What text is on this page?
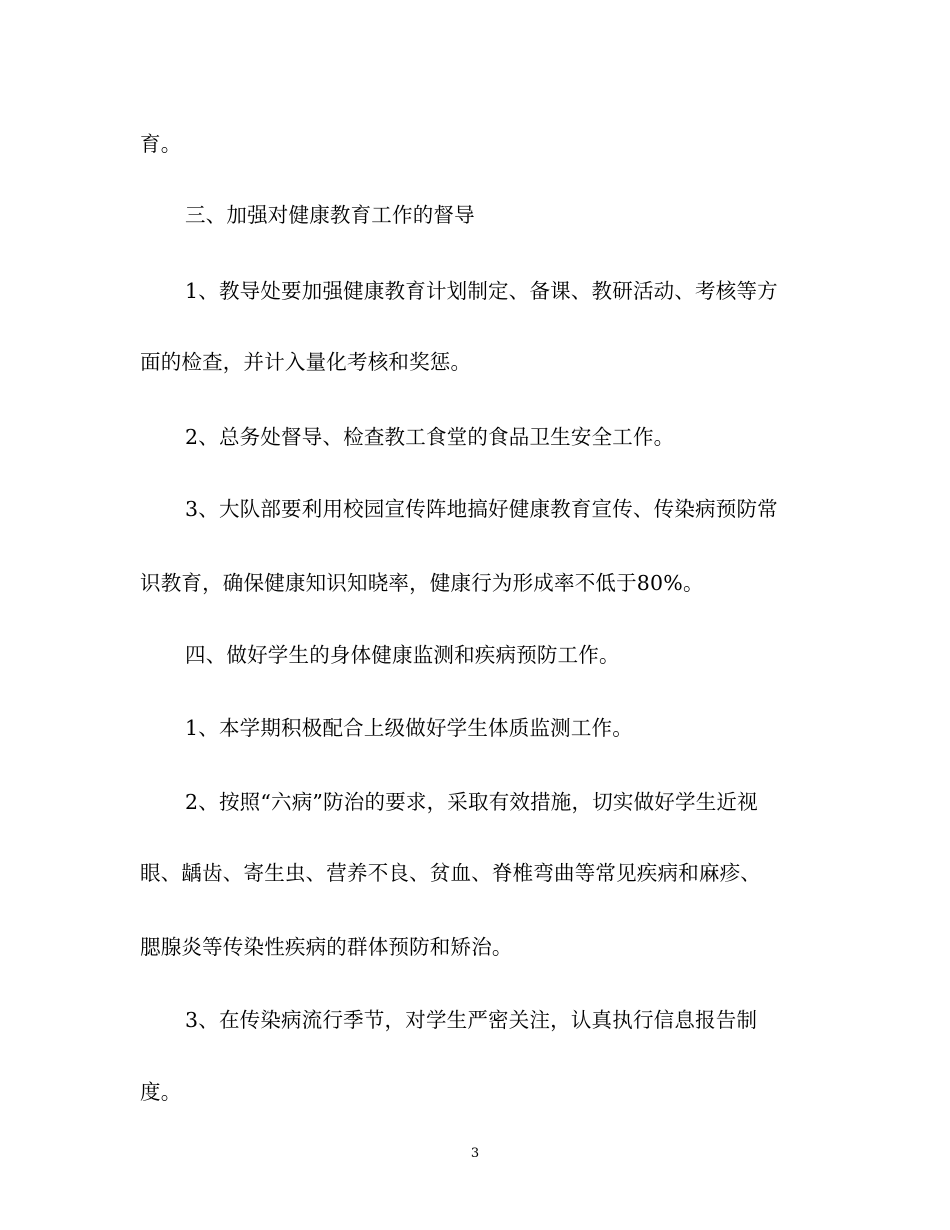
育。
三、加强对健康教育工作的督导
1、教导处要加强健康教育计划制定、备课、教研活动、考核等方
面的检查，并计入量化考核和奖惩。
2、总务处督导、检查教工食堂的食品卫生安全工作。
3、大队部要利用校园宣传阵地搞好健康教育宣传、传染病预防常
识教育，确保健康知识知晓率，健康行为形成率不低于80%。
四、做好学生的身体健康监测和疾病预防工作。
1、本学期积极配合上级做好学生体质监测工作。
2、按照“六病”防治的要求，采取有效措施，切实做好学生近视
眼、龋齿、寄生虫、营养不良、贫血、脊椎弯曲等常见疾病和麻疹、
腮腺炎等传染性疾病的群体预防和矫治。
3、在传染病流行季节，对学生严密关注，认真执行信息报告制
度。
3
